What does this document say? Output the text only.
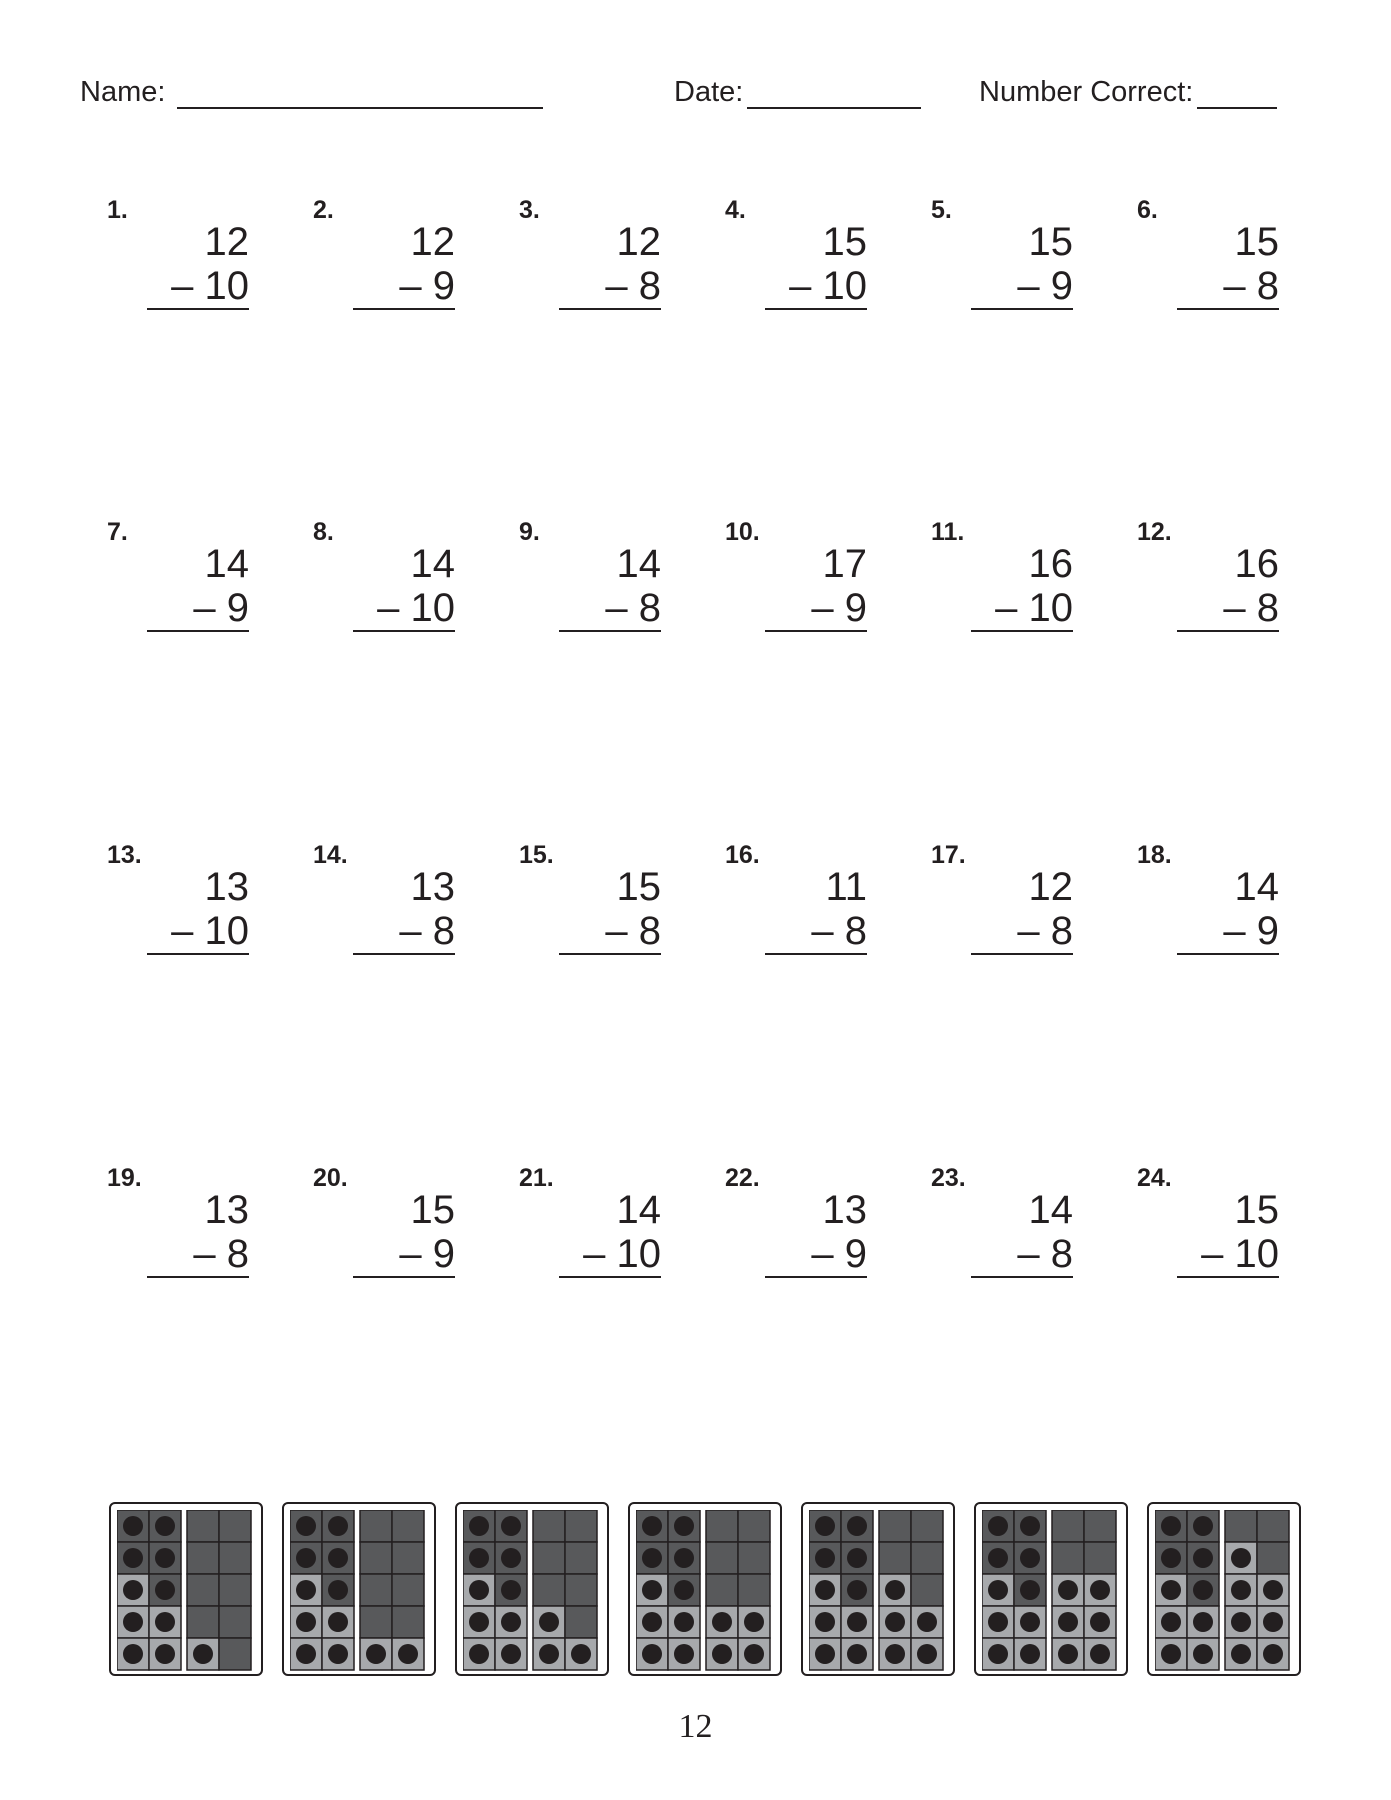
Name:	Date:	Number Correct:
1.
12
– 10
2.
12
– 9
3.
12
– 8
4.
15
– 10
5.
15
– 9
6.
15
– 8
7.
14
– 9
8.
14
– 10
9.
14
– 8
10.
17
– 9
11.
16
– 10
12.
16
– 8
13.
13
– 10
14.
13
– 8
15.
15
– 8
16.
11
– 8
17.
12
– 8
18.
14
– 9
19.
13
– 8
20.
15
– 9
21.
14
– 10
22.
13
– 9
23.
14
– 8
24.
15
– 10
12
